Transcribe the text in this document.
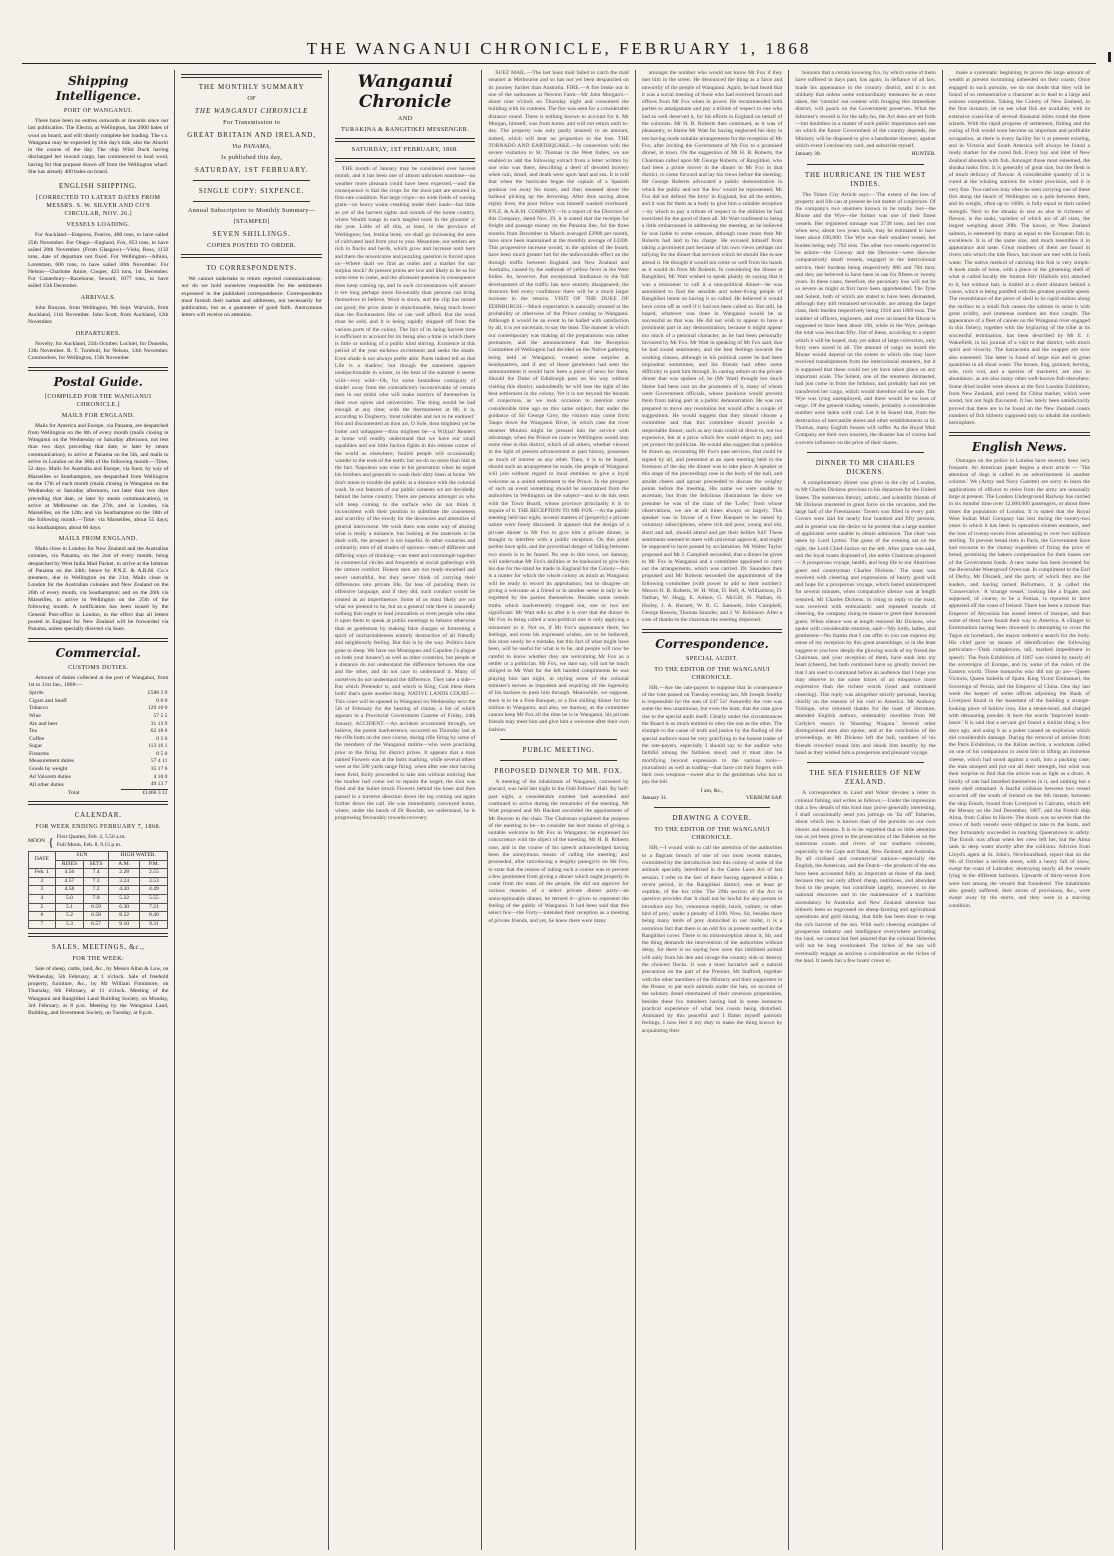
THE WANGANUI CHRONICLE, FEBRUARY 1, 1868
Shipping Intelligence.
PORT OF WANGANUI.

There have been no entries outwards or inwards since our last publication. The Electra, at Wellington, has 2000 bales of wool on board, and will shortly complete her loading. The s.s. Wanganui may be expected by this day's tide, also the Ahuriri in the course of the day. The ship Wild Duck having discharged her inward cargo, has commenced to load wool, having for that purpose drawn off from the Wellington wharf. She has already 400 bales on board.

ENGLISH SHIPPING.
[CORRECTED TO LATEST DATES FROM MESSRS. S. W. SILVER AND CO'S CIRCULAR, NOV. 26.]
VESSELS LOADING.

For Auckland—Empress, Fearice, 480 tons, to have sailed 25th November. For Otago—England, Fox, 853 tons, to have sailed 28th November. (From Glasgow)—Viola, Ross, 1132 tons, date of departure not fixed. For Wellington—Albion, Lorentzen, 606 tons, to have sailed 30th November. For Nelson—Charlotte Annie, Cooper, 423 tons, 1st December. For Canterbury—Racehorse, Seward, 1077 tons, to have sailed 15th December.

ARRIVALS.

John Bunyan, from Wellington, 9th Sept. Warwick, from Auckland, 11th November. John Scott, from Auckland, 12th November.

DEPARTURES.

Novelty, for Auckland, 25th October. Lochiel, for Dunedin, 13th November. R. T. Turnbull, for Nelson, 13th November. Commodore, for Wellington, 15th November.

Postal Guide.
[COMPILED FOR THE WANGANUI CHRONICLE.]
MAILS FOR ENGLAND.

Mails for America and Europe, via Panama, are despatched from Wellington on the 8th of every month (mails closing in Wanganui on the Wednesday or Saturday afternoon, not less than two days preceding that date, or later by steam communication), to arrive at Panama on the 5th, and mails to arrive in London on the 30th of the following month.—Time, 52 days. Mails for Australia and Europe, via Suez, by way of Marseilles or Southampton, are despatched from Wellington on the 17th of each month (mails closing in Wanganui on the Wednesday or Saturday afternoon, not later than two days preceding that date, or later by steam communication), to arrive at Melbourne on the 27th, and in London, via Marseilles, on the 12th; and via Southampton on the 18th of the following month.—Time: via Marseilles, about 55 days; via Southampton, about 60 days.

MAILS FROM ENGLAND.

Mails close in London for New Zealand and the Australian colonies, via Panama, on the 2nd of every month; being despatched by West India Mail Packet, to arrive at the Isthmus of Panama on the 24th; hence by P.N.Z. & A.R.M. Co.'s steamers, due in Wellington on the 21st. Mails close in London for the Australian colonies and New Zealand on the 26th of every month, via Southampton; and on the 26th via Marseilles, to arrive in Wellington on the 25th of the following month. A notification has been issued by the General Post-office in London, to the effect that all letters posted in England for New Zealand will be forwarded via Panama, unless specially directed via Suez.

Commercial.
CUSTOMS DUTIES.

Amount of duties collected at the port of Wanganui, from 1st to 31st Jan., 1868:—

Spirits	£588 3 9
Cigars and Snuff	0 0 0
Tobacco	129 10 0
Wine	57 5 5
Ale and beer	31 13 9
Tea	62 18 6
Coffee	0 5 6
Sugar	113 16 1
Firearms	0 5 0
Measurement duties	57 4 11
Goods by weight	35 17 6
Ad Valorem duties	4 10 0
All other duties	49 13 7
Total	£1466 3 11
CALENDAR.
FOR WEEK ENDING FEBRUARY 7, 1868.
MOON { First Quarter, Feb. 2, 5.56 a.m.
Full Moon, Feb. 8, 9.15 p.m.
DATE	SUN		HIGH WATER.	
	RISES	SETS	A.M.	P.M.
Feb. 1	4.56	7.4	2.28	2.55
2	4.57	7.3	3.24	3.53
3	4.58	7.2	4.20	4.49
4	5.0	7.0	5.22	5.55
5	5.1	6.59	6.30	7.21
6	5.2	6.58	8.22	8.40
7	5.3	6.57	9.10	9.31
SALES, MEETINGS, &c.,
FOR THE WEEK:

Sale of sheep, cattle, land, &c., by Messrs Allan & Low, on Wednesday, 5th February, at 1 o'clock. Sale of freehold property, furniture, &c., by Mr William Finnimore, on Thursday, 6th February, at 11 o'clock. Meeting of the Wanganui and Rangitikei Land Building Society, on Monday, 3rd February, at 8 p.m. Meeting by the Wanganui Land, Building, and Investment Society, on Tuesday, at 8 p.m.

THE MONTHLY SUMMARY
OF
THE WANGANUI CHRONICLE
For Transmission to
GREAT BRITAIN AND IRELAND,
Via PANAMA,
Is published this day,
SATURDAY, 1ST FEBRUARY.
SINGLE COPY: SIXPENCE.
Annual Subscription to Monthly Summary—
[STAMPED]
SEVEN SHILLINGS.
COPIES POSTED TO ORDER.
TO CORRESPONDENTS.

We cannot undertake to return rejected communications; nor do we hold ourselves responsible for the sentiments expressed in the published correspondence. Correspondents must furnish their names and addresses, not necessarily for publication, but as a guarantee of good faith. Anonymous letters will receive no attention.

Wanganui Chronicle
AND
TURAKINA & RANGITIKEI MESSENGER.
SATURDAY, 1ST FEBRUARY, 1868.

THE month of January may be considered over harvest month, and it has been one of almost unbroken sunshine—no weather more pleasant could have been expected,—and the consequence is that the crops for the most part are secured in first-rate condition. Not large crops—no wide fields of waving grain—no heavy wains creaking under their loads—but little as yet of the harvest sights and sounds of the home country, where Wealth hangs in each tangled nook In the gloamin' o' the year. Little of all this, at least, in the province of Wellington; but, festina lente, we shall go increasing the area of cultivated land from year to year. Meantime, our settlers are rich in flocks and herds, which grow and increase until here and there the unwelcome and puzzling question is forced upon us—Where shall we find an outlet and a market for our surplus stock? At present prices are low and likely to be so for some time to come, and the aforesaid question in consequence does keep coming up, and in such circumstances will answer it ere long perhaps more favourably than persons can bring themselves to believe. Wool is shorn, and the clip has turned out good; the price alone is objectionable, being much lower than the flockmasters like or can well afford. But the wool must be sold, and it is being rapidly shipped off from the various ports of the colony. The fact of its being harvest time is sufficient to account for its being also a time in which there is little or nothing of a public kind stirring. Existence at this period of the year eschews excitement and seeks the shade. Even shade is not always prefer able. Poets indeed tell us that Life is a shadow; but though the statement appears unobjectionable in winter, in the heat of the summer it seems wild—very wild—Oh, for some boundless contiguity of shade! away from the contradictory inconceivable of certain men in our midst who will make martyrs of themselves in their own spires and universities. The thing would be bad enough at any time; with the thermometer at 80, it is, according to Dogberry, 'most tolerable and not to be endured.' Hot and discontented as thou art, O Sole, thou mightest yet be hotter and unhappier—thou mightest be—a W(h)at! Readers at home will readily understand that we have our small squabbles and our little faction fights in this remote corner of the world as elsewhere; foolish people will occasionally wander to the ends of the earth; but we do no more than hint at the fact. Napoleon was wise in his generation when he urged his brothers and generals to wash their dirty linen at home. We don't mean to trouble the public at a distance with the colonial wash. In our features of our public contests we are decidedly behind the home country. There are persons amongst us who will keep coming to the surface who do not think it inconsistent with their position to substitute the coarseness and scurrility of the rowdy for the decencies and amenities of general intercourse. We wish there was some way of abating what is really a nuisance, but looking at the materials to be dealt with, the prospect is not hopeful. In other countries and ordinarily, men of all shades of opinion—men of different and differing ways of thinking—can meet and commingle together in commercial circles and frequently at social gatherings with the utmost comfort. Honest men are not ready-mouthed and never untruthful, but they never think of carrying their differences into private life, far less of parading them in offensive language, and if they did, such conduct would be treated as an impertinence. Some of us must likely are not what we pretend to be, but as a general rule there is assuredly nothing that ought to lead journalists or even people who take it upon them to speak at public meetings to behave otherwise than as gentleman by making false charges or fomenting a spirit of uncharitableness entirely destructive of all friendly and neighbourly feeling. But this is by the way. Politics have gone to sleep. We have our Montagues and Capulets ('a plague on both your houses') as well as other countries, but people at a distance do not understand the difference between the one and the other, and do not care to understand it. Many of ourselves do not understand the difference. They take a side— But which Pretender is, and which is King, God bless them both! that's quite another thing. NATIVE LANDS COURT.—This court will be opened in Wanganui on Wednesday next the 5th of February for the hearing of claims, a list of which appears in a Provincial Government Gazette of Friday, 24th January. ACCIDENT.—An accident occasioned through, we believe, the purest inadvertence, occurred on Thursday last at the rifle butts on the race course, during rifle firing by some of the members of the Wanganui militia—who were practising prior to the firing for district prizes. It appears that a man named Flowers was at the butts marking, while several others were at the 500 yards range firing; when after one shot having been fired, Kelly proceeded to take aim without noticing that the marker had come out to repaint the target; the shot was fired and the bullet struck Flowers behind the knee and then passed in a traverse direction down the leg coming out again further down the calf. He was immediately conveyed home, where, under the hands of Dr Rowlatt, we understand, he is progressing favourably towards recovery.

SUEZ MAIL.—The last Suez mail failed to catch the mail steamer at Melbourne and so has not yet been despatched on its journey further than Australia. FIRE.—A fire broke out in one of the outhouses at Newton Farm—Mr John Morgan's—about nine o'clock on Thursday night and consumed the building with its contents. The fire was seen for a considerable distance round. There is nothing known to account for it. Mr Morgan, himself, was from home, and will not return until to-day. The property was only partly insured; to an amount, indeed, which will bear no proportion to the loss. THE TORNADO AND EARTHQUAKE.—In connection with the severe visitation to St. Thomas in the West Indies, we are enabled to add the following extract from a letter written by one who was there, describing a deed of devoted bravery when rain, dread, and death were upon land and sea. It is told that when the hurricane began the captain of a Spanish gunboat cut away his masts, and then steamed about the harbour picking up the drowning. After thus saving about eighty lives, the poor fellow was himself washed overboard. P.N.Z. & A.R.M. COMPANY.—In a report of the Directors of this Company, dated Nov. 29, it is stated that the receipts for freight and passage money on the Panama line, for the three months from December to March averaged £2900 per month, have since been maintained at the monthly average of £4300. This progressive increase would, in the opinion of the board, have been much greater but for the unfavourable effect on the through traffic between England and New Zealand and Australia, caused by the outbreak of yellow fever in the West Indies. As, however, that exceptional hindrance to the full development of the traffic has now entirely disappeared, the directors feel every confidence there will be a much larger increase in the returns. VISIT OF THE DUKE OF EDINBURGH.—Much expectation is naturally aroused at the probability or otherwise of the Prince coming to Wanganui. Although it would be an event to be hailed with satisfaction by all, it is yet uncertain, to say the least. The manner in which our contemporary was making all the preparations was rather premature, and the announcement that the Reception Committee of Wellington had decided on the Native gathering being held at Wanganui, created some surprise at headquarters, and if any of those gentlemen had seen the announcement it would have been a piece of news for them. Should the Duke of Edinburgh pass on his way without visiting this district, undoubtedly he will lose the sight of the best settlement in the colony. Yet it is not beyond the bounds of conjecture, as we took occasion to mention some considerable time ago on this same subject, that under the guidance of Sir George Grey, the visitors may come from Taupo down the Wanganui River, in which case the river steamer Moutoa might be pressed into the service with advantage, when the Prince en route to Wellington would stay some time in this district, which of all others, whether viewed in the light of present advancement or past history, possesses as much of interest as any other. Then, it is to be hoped, should such an arrangement be made, the people of Wanganui will join without regard to local enmities to give a loyal welcome as a united settlement to the Prince. In the prospect of such an event something should be ascertained from the authorities in Wellington on the subject—and to do this rests with the Town Board, whose province principally it is to inquire of it. THE RECEPTION TO MR FOX.—At the public meeting held last night, several matters of (properly) a private nature were freely discussed. It appears that the design of a private dinner to Mr Fox to give him a private dinner, is thought to interfere with a public reception. On this point parties have split, and the proverbial danger of falling between two stools is to be feared. No one in this town, we daresay, will undervalue Mr Fox's abilities or be backward to give him his due for the stand he made in England for the Colony—this is a matter for which the whole colony as much as Wanganui will be ready to record its approbation; but to disagree on giving a welcome as a friend or in another sense is only to be regretted by the parties themselves. Besides some certain truths which inadvertently cropped out, one or two are significant: Mr Watt tells us after it is over that the dinner to Mr Fox in being called a non-political one is only applying a misnomer to it. Not so, if Mr Fox's appearance there, his feelings, and even his expressed wishes, are to be believed; this most surely be a mistake, but this fact of what might have been, will be useful for what is to be, and people will now be careful to know whether they are welcoming Mr Fox as a settler or a politician. Mr Fox, we dare say, will not be much obliged to Mr Watt for the left handed compliments he was playing him last night, in styling some of the colonial minister's moves as impudent and requiring all the ingenuity of his backers to push him through. Meanwhile, we suppose, there is to be a Free Banquet, or a five shilling dinner for the million in Wanganui, and also, we daresay, as the committee cannot keep Mr Fox all the time he is in Wanganui, his private friends may meet him and give him a welcome after their own fashion.

PUBLIC MEETING.
PROPOSED DINNER TO MR. FOX.

A meeting of the inhabitants of Wanganui, convened by placard, was held last night in the Odd Fellows' Hall. By half-past eight, a considerable number had assembled and continued to arrive during the remainder of the meeting. Mr Watt proposed and Mr Hackett seconded the appointment of Mr Beaven to the chair. The Chairman explained the purpose of the meeting to be—to consider the best means of giving a suitable welcome to Mr Fox in Wanganui; he expressed his concurrence with the object of the meeting. Mr H. B. Roberts rose, and in the course of his speech acknowledged having been the anonymous means of calling the meeting; and proceeded, after introducing a lengthy panegyric on Mr Fox, to state that the reason of taking such a course was to prevent a few gentlemen from giving a dinner which ought properly to come from the mass of the people. He did not approve for various reasons of a select private dinner party—an unexceptionable dinner, he termed it—given to represent the feeling of the public of Wanganui. It had been said that this select few—the Forty—intended their reception as a meeting of private friends, and yet, he knew there were many

amongst the number who would not know Mr Fox if they met him in the street. He denounced the thing as a farce and unworthy of the people of Wanganui. Again, he had heard that it was a social meeting of those who had received favours and offices from Mr Fox when in power. He recommended both parties to amalgamate and pay a tribute of respect to one who had so well deserved it, for his efforts in England on behalf of the colonists. Mr H. B. Roberts then continued, as it was of pleasantry, to blame Mr Watt for having neglected his duty in not having made suitable arrangements for the reception of Mr Fox, after inviting the Government of Mr Fox to a promised dinner, in town. On the suggestion of Mr H. B. Roberts, the Chairman called upon Mr George Roberts, of Rangitikei, who had been a prime mover in the dinner to Mr Fox in that district, to come forward and lay his views before the meeting. Mr George Roberts advocated a public demonstration in which the public and not 'the few' would be represented; Mr Fox did not defend 'the forty' in England, but all the settlers, and it was for them as a body to give him a suitable reception—by which to pay a tribute of respect to the abilities he had exercised for the good of them all. Mr Watt confessed to being a little embarrassed in addressing the meeting, as he believed he was liable to some censure, although none more than Mr Roberts had laid to his charge. He excused himself from taking a prominent part because of his own views perhaps not tallying for the dinner that services which he should like to see attend it. He thought it would not come so well from his hands as it would do from Mr Roberts. In considering the dinner at Rangitikei, Mr Watt wished to speak plainly its saying that it was a misnomer to call it a non-political dinner—he was astonished to find the sensible and sober-living people of Rangitikei intent on having it so called. He believed it would have come off as well if it had not been called so. But still, he hoped, whatever was done in Wanganui would be as successful as that was. He did not wish to appear to have a prominent part in any demonstration, because it might appear too much of a personal character, as he had been personally favoured by Mr Fox. Mr Watt in speaking of Mr Fox said, that he had sound sentiments, and the best feelings towards the working classes, although in his political career he had been imprudent sometimes, and his friends had often some difficulty to push him through. In casting odium on the private dinner that was spoken of, he (Mr Watt) thought too much blame had been cast on the promoters of it, many of whom were Government officials, whose positions would prevent them from taking part in a public demonstration. He was not prepared to move any resolution but would offer a couple of suggestions. He would suggest that they should choose a committee and that this committee should provide a respectable dinner, such as any man could sit down to, not too expensive, but at a price which few could object to pay, and yet protect the politician. He would also suggest that a petition be drawn up, recounting Mr Fox's past services, that could be signed by all, and presented at an open meeting held in the forenoon of the day the dinner was to take place. A speaker at this stage of the proceedings rose in the body of the hall, and amidst cheers and uproar proceeded to discuss the weighty points before the meeting. His name we were unable to ascertain, but from the felicitous illustrations he drew we presume he was of the class of the 'Lofer,' from whose observations, we are at all times always so largely. This speaker was in favour of a Free Banquet to be raised by voluntary subscriptions, where rich and poor, young and old, short and tall, should attend and get their bellies full! These sentiments seemed to meet with universal approval, and might be supposed to have passed by acclamation. Mr Walter Taylor proposed and Mr J. Campbell seconded, that a dinner be given to Mr Fox in Wanganui and a committee appointed to carry out the arrangements, which was carried. Dr. Saunders then proposed and Mr Roberts seconded the appointment of the following committee (with power to add to their number): Messrs H. B. Roberts, W. H. Watt, D. Bell, A. Williamson, D. Nathan, W. Hogg, E. Aitken, G. McGill, H. Nathan, H. Hurley, J. A. Burnett, W. R. G. Samuels, John Campbell, George Beaven, Thomas Saunder, and J. W. Robinson. After a vote of thanks to the chairman the meeting dispersed.

Correspondence.
SPECIAL AUDIT.
TO THE EDITOR OF THE WANGANUI CHRONICLE.

SIR,—Are the rate-payers to suppose that in consequence of the vote passed on Tuesday evening last, Mr Joseph Smithy is responsible for the sum of £47 5s? Assuredly the vote was some the less unanimous, but even the least, that the case gave rise to the special audit itself. Clearly under the circumstances the Board is as much entitled to obey the one as the other. The triumph to the cause of truth and justice by the finding of the special auditors must be very gratifying to the honest trader of the rate-payers, especially I should say to the auditor who faithful among the faithless stood; and it must also be mortifying beyond expression to the various tools—journalistic as well as trading—that have cut their fingers with their own weapons—sweet also to the gentleman who has to pay the bill.

I am, &c.,
January 31.	VERBUM SAP.
DRAWING A COVER.
TO THE EDITOR OF THE WANGANUI CHRONICLE.

SIR,—I would wish to call the attention of the authorities to a flagrant breach of one of our most recent statutes, committed by the introduction into this colony of some of the animals specially interdicted in the Game Laws Act of last session. I refer to the fact of there having appeared within a recent period, in the Rangitikei district, one at least pr ceptible, of the fox tribe. The 29th section of the Act in question provides that 'it shall not be lawful for any person to introduce any fox, venomous reptile, hawk, vulture, or other bird of prey,' under a penalty of £100. Now, Sir, besides there being many birds of prey domiciled in our midst, it is a notorious fact that there is an odd fox at present earthed in the Rangitikei cover. There is no misconception about it, Sir, and the thing demands the intervention of the authorities without delay, for there is no saying how soon this inhibited animal will sally from his den and ravage the country side or destroy the choicest flocks. It was a most lucrative and a natural precaution on the part of the Premier, Mr Stafford, together with the other members of the Ministry and their supporters in the House, to put such animals under the ban, on account of the salutary dread entertained of their ravenous propensities, besides these fox members having had in some instances practical experience of what hen roosts being disturbed. Animated by this peaceful and I flatter myself patriotic feelings, I now feel it my duty to make the thing known by acquainting their

honours that a certain knowing fox, by which some of them have suffered in days past, has again, in defiance of all law, made his appearance in the country district, and it is not unlikely that unless some extraordinary measures be at once taken, the 'varmint' not content with foraging this immediate district, will poach on the Government preserves. What the informer's reward is for the tally-ho, the Act does not set forth—but doubtless in a matter of such public importance and one on which the future Government of the country depends, the Ministry will be disposed to give a handsome douceur, against which event I enclose my card, and subscribe myself,

January 30.	HUNTER.
THE HURRICANE IN THE WEST INDIES.

The Times City Article says:—'The extent of the loss of property and life can at present be but matter of conjecture. Of the company's two steamers known to be totally lost—the Rhone and the Wye—the former was one of their finest vessels. Her registered tonnage was 2738 tons, and her cost when new, about two years back, may be estimated to have been about £90,000. The Wye was their smallest vessel, her burden being only 792 tons. The other two vessels reported to be ashore—the Conway and the Derwent—were likewise comparatively small vessels, engaged in the intercolonial service, their burdens being respectively 886 and 784 tons; and they are believed to have been in use for fifteen or twenty years. In these cases, therefore, the pecuniary loss will not be so severe as might at first have been apprehended. The Tyne and Solent, both of which are stated to have been dismasted, although they still remained serviceable, are among the larger class, their burden respectively being 1916 and 1869 tons. The number of officers, engineers, and crew on board the Rhone is supposed to have been about 100, while in the Wye, perhaps the total was less than fifty. Out of these, according to a report which it will be hoped, may yet admit of large correction, only forty were saved in all. The amount of cargo on board the Rhone would depend on the extent to which she may have received transhipments from the intercolonial steamers, but it is supposed that these could not yet have taken place on any important scale. The Solent, one of the steamers dismasted, had just come in from the Isthmus, and probably had not yet transferred her cargo, which would therefore still be safe. The Wye was lying unemployed, and there would be no loss of cargo. Of the general trading vessels, probably a considerable number were laden with coal. Let it be feared that, from the destruction of mercantile stores and other establishments at St. Thomas, many English houses will suffer. As the Royal Mail Company are their own insurers, the disaster has of course had a severe influence on the price of their shares.

DINNER TO MR CHARLES DICKENS.

A complimentary dinner was given in the city of London, to Mr Charles Dickens previous to his departure for the United States. The numerous literary, artistic, and scientific friends of Mr Dickens mustered in great force on the occasion, and the large hall of the Freemasons' Tavern was filled in every part. Covers were laid for nearly four hundred and fifty persons, and in general was the desire to be present that a large number of applicants were unable to obtain admission. The chair was taken by Lord Lytton. The guest of the evening sat on the right, the Lord Chief-Justice on the left. After grace was said, and the loyal toasts disposed of, the noble Chairman proposed—'A prosperous voyage, health, and long life to our illustrious guest and countryman Charles Dickens.' The toast was received with cheering and expressions of hearty good will and hope for a prosperous voyage, which lasted uninterrupted for several minutes, when comparative silence was at length restored, Mr Charles Dickens, in rising to reply to the toast, was received with enthusiastic and repeated rounds of cheering, the company rising en masse to greet their honoured guest. When silence was at length restored Mr Dickens, who spoke with considerable emotion, said—'My lords, ladies, and gentlemen—No thanks that I can offer to you can express my sense of my reception by this great assemblage, or in the least suggest to you how deeply the glowing words of my friend the Chairman, and your reception of them, have sunk into my heart (cheers), but both combined have so greatly moved me that I am used to command before an audience that I hope you may observe in me some traces of an eloquence more expressive than the richest words (loud and continued cheering). This reply was altogether strictly personal, bearing chiefly on the reasons of his visit to America. Mr Anthony Trollope, who returned thanks for the toast of literature, attended English authors, undeniably novelists from Mr Carlyle's essays in 'Shooting Niagara.' Several other distinguished men also spoke; and at the conclusion of the proceedings, as Mr Dickens left the hall, numbers of his friends crowded round him and shook him heartily by the hand as they wished him a prosperous and pleasant voyage.

THE SEA FISHERIES OF NEW ZEALAND.

A correspondent to Land and Water devotes a letter to colonial fishing, and writes as follows:—Under the impression that a few details of this kind may prove generally interesting, I shall occasionally send you jottings on 'far off' fisheries, about which less is known than of the pursuits on our own shores and streams. It is to be regretted that so little attention has as yet been given to the prosecution of the fisheries on the numerous coasts and rivers of our southern colonies, especially in the Cape and Natal, New Zealand, and Australia. By all civilised and commercial nations—especially the English, the American, and the Dutch—the products of the sea have been accounted fully as important as those of the land; because they not only afford cheap, nutritious, and abundant food to the people, but contribute largely, moreover, to the national resources and to the maintenance of a maritime ascendancy. In Australia and New Zealand attention has hitherto been so engrossed on sheep-farming and agricultural operations and gold mining, that little has been done to reap the rich harvest of the sea. With such cheering examples of prosperous industry and intelligence everywhere pervading the land, we cannot but feel assured that the colonial fisheries will not be long overlooked. The riches of the sea will eventually engage as anxious a consideration as the riches of the land. It needs but a few boats' crews to

make a systematic beginning to prove the large amount of wealth at present swimming unheeded on their coasts. Once engaged in such pursuits, we do not doubt that they will be found of so remunerative a character as to lead to a large and zealous competition. Taking the Colony of New Zealand, in the first instance, let us see what fish are available, with its extensive coast-line of several thousand miles round the three islands. With the rapid progress of settlement, fishing and the curing of fish would soon become an important and profitable occupation, as there is every facility for it at present existing, and in Victoria and South America will always be found a ready market for the cured fish. Every bay and inlet of New Zealand abounds with fish. Amongst those most esteemed, the shnaka ranks first. It is generally of great size, but the flesh is of much delicacy of flavour. A considerable quantity of it is cured at the whaling stations for winter provision, and it is very fine. Two natives may often be seen carrying one of these fish along the beach of Wellington on a pole between them, and its weight, often up to 100lb, is fully equal to their united strength. Next to the shnaka in size as also in richness of flavour, is the maki, varieties of which are of all sizes, the largest weighing about 30lb. The kawai, or New Zealand salmon, is esteemed by many as equal to the European fish in excellence. It is of the same size, and much resembles it in appearance and taste. Great numbers of them are found in rivers into which the tide flows, but more are met with in fresh water. The native method of catching this fish is very simple. A hook made of bone, with a piece of the glistening shell of what is called locally the 'mutton fish' (Haliotis iris) attached to it, but without bait, is trailed at a short distance behind a canoe, which is being paddled with the greatest possible speed. The resemblance of the piece of shell in its rapid motion along the surface to a small fish causes the salmon to seize it with great avidity, and immense numbers are thus caught. The appearance of a fleet of canoes on the Wanganui river engaged in this fishery, together with the byplaying of the tribe at its successful termination, has been described by Mr E. J. Wakefield, in his journal of a visit to that district, with much spirit and vivacity. The barracouta and the snapper are now also esteemed. The latter is found of large size and in great quantities in all shoal water. The bream, ling, gurnard, herring, sole, rock cod, and a species of mackerel, are also in abundance, as are also many other well-known fish elsewhere. Some dried mullet were shown at the first London Exhibition, from New Zealand, and cured for China market, which were sound, but not high flavoured. It has lately been satisfactorily proved that there are to be found on the New Zealand coasts numbers of fish hitherto supposed only to inhabit the northern hemisphere.

English News.

Outrages on the police in London have recently been very frequent. An American paper begins a short article — 'The attention of dogs is called to an advertisement in another column.' We (Army and Navy Gazette) are sorry to learn the applications of officers to retire from the army are unusually large at present. The London Underground Railway has carried in six months' time over 12,000,000 passengers, or about three times the population of London. It is stated that the Royal West Indian Mail Company has lost during the twenty-two years in which it has been in operation sixteen steamers, and the loss of twenty-seven lives amounting to over two millions sterling. To prevent bread riots in Paris, the Government have had recourse to the clumsy expedient of fixing the price of bread, promising the bakers compensation for their losses out of the Government funds. A new name has been invented for the Reversible Waterproof Overcoat. In compliment to the Earl of Derby, Mr Disraeli, and the party of which they are the leaders, and having turned Reformers, it is called the 'Conservative.' A 'strange vessel,' looking like a frigate, and supposed, of course, to be a Fenian, is reported to have appeared off the coast of Ireland. There has been a rumour that Emperor of Abyssinia has issued letters of marque, and that some of them have found their way to America. A villager in Estremadura having been drowned in attempting to cross the Tagus on horseback, the mayor ordered a search for the body. His chief gave us means of identification the following particulars—'Dark complexion, tall, marked impediment in speech.' The Paris Exhibition of 1867 was visited by nearly all the sovereigns of Europe, and by some of the rulers of the Eastern world. Those monarchs who did not go are—Queen Victoria, Queen Isabella of Spain, King Victor Emmanuel, the Sovereign of Persia, and the Emperor of China. One day last week the keeper of some offices adjoining the Bank of Liverpool found in the basement of the building a strange-looking piece of hollow iron, like a steam-head, and charged with detonating powder. It bore the words 'Improved bomb-lance.' It is said that a servant girl found a similar thing a few days ago, and using it as a poker caused an explosion which did considerable damage. During the removal of articles from the Paris Exhibition, in the Italian section, a workman called on one of his companions to assist him in lifting an immense cheese, which had stood against a wall, into a packing case; the man stooped and put out all their strength, but what was their surprise to find that the article was as light as a drum. A family of rats had installed themselves in it, and nothing but a mere shell remained. A fearful collision between two vessel occurred off the south of Ireland on the 6th instant, between the ship Enock, bound from Liverpool to Calcutta, which left the Mersey on the 2nd December, 1867, and the French ship Alma, from Callao to Havre. The shock was so severe that the crews of both vessels were obliged to take to the boats, and they fortunately succeeded in reaching Queenstown in safety. The Enock was afloat when her crew left her, but the Alma sank in deep water shortly after the collision. Advices from Lloyd's agent at St. John's, Newfoundland, report that on the 9th of October a terrible storm, with a heavy fall of snow, swept the coast of Labrador, destroying nearly all the vessels lying in the different harbours. Upwards of thirty-seven lives were lost among the vessels that foundered. The inhabitants also greatly suffered; their stores of provisions, &c., were swept away by the storm, and they were in a starving condition.
